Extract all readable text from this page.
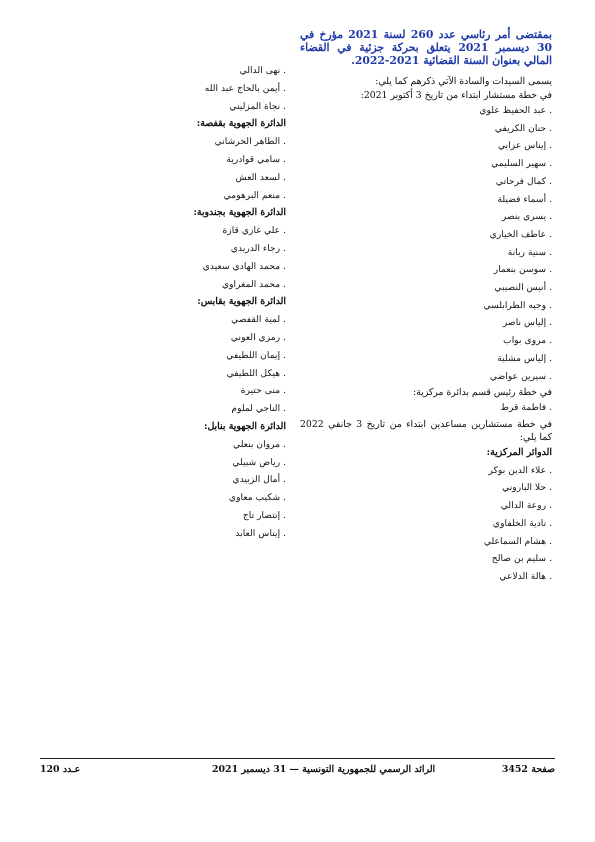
بمقتضى أمر رئاسي عدد 260 لسنة 2021 مؤرخ في 30 ديسمبر 2021 يتعلق بحركة جزئية في القضاء المالي بعنوان السنة القضائية 2021-2022.

يسمى السيدات والسادة الآتي ذكرهم كما يلي:

في خطة مستشار ابتداء من تاريخ 3 أكتوبر 2021:

. عبد الحفيظ علوي
. حنان الكريفي
. إيناس عزابي
. سهير السليمي
. كمال فرحاتي
. أسماء فضيلة
. يسري بنصر
. عاطف الخياري
. سنية ربانة
. سوسن بنعمار
. أنيس النصيبي
. وجيه الطرابلسي
. إلياس ناصر
. مروى بواب
. إلياس مشلية
. سيرين عواضي

في خطة رئيس قسم بدائرة مركزية:

. فاطمة قرط

في خطة مستشارين مساعدين ابتداء من تاريخ 3 جانفي 2022 كما يلي:

الدوائر المركزية:

. علاء الدين بوكر
. حلا الباروني
. روعة الدالي
. نادية الخلفاوي
. هشام السماعلي
. سليم بن صالح
. هالة الدلاعي
. نهى الدالي
. أيمن بالحاج عبد الله
. نجاة المزليني

الدائرة الجهوية بقفصة:

. الطاهر الخرشاني
. سامي قوادرية
. لسعد العش
. منعم البرهومي

الدائرة الجهوية بجندوبة:

. علي غازي قازة
. رجاء الدريدي
. محمد الهادي سعيدي
. محمد المغراوي

الدائرة الجهوية بقابس:

. لمية القفصي
. رمزي العوني
. إيمان اللطيفي
. هيكل اللطيفي
. منى حتيرة
. الناجي لملوم

الدائرة الجهوية بنابل:

. مروان بنعلي
. رياض شبيلي
. أمال الزبيدي
. شكيب معاوي
. إنتصار تاج
. إيناس العابد
صفحة 3452
الرائد الرسمي للجمهورية التونسية — 31 ديسمبر 2021
عـدد 120
